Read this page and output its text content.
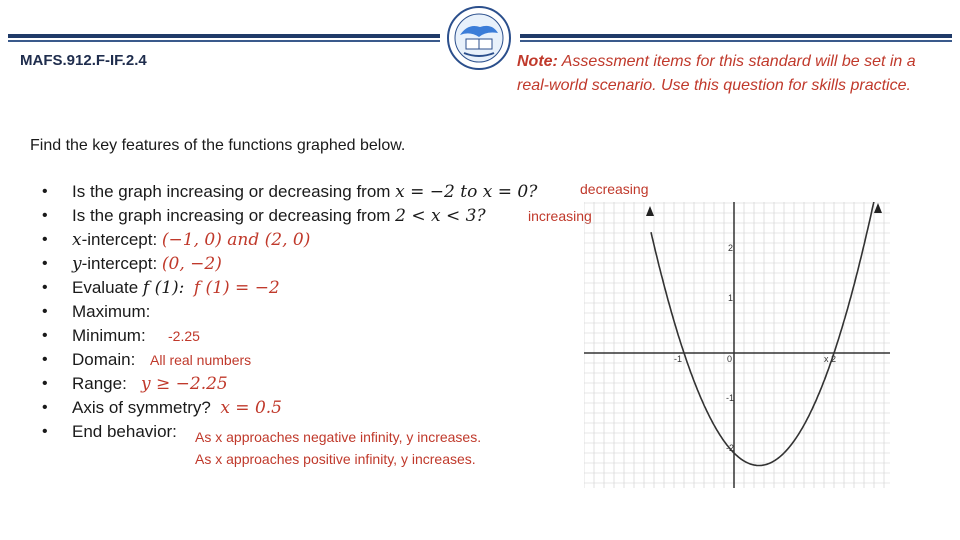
MAFS.912.F-IF.2.4	Note: Assessment items for this standard will be set in a real-world scenario. Use this question for skills practice.
Find the key features of the functions graphed below.
• Is the graph increasing or decreasing from x = −2 to x = 0?
• Is the graph increasing or decreasing from 2 < x < 3?
• x-intercept: (−1, 0) and (2, 0)
• y-intercept: (0, −2)
• Evaluate f (1): f (1) = −2
• Maximum:
• Minimum:
• Domain:
• Range: y ≥ −2.25
• Axis of symmetry? x = 0.5
• End behavior:
decreasing
increasing
-2.25
All real numbers
As x approaches negative infinity, y increases.
As x approaches positive infinity, y increases.
2
1
0
-1	x 2
-1
-2
